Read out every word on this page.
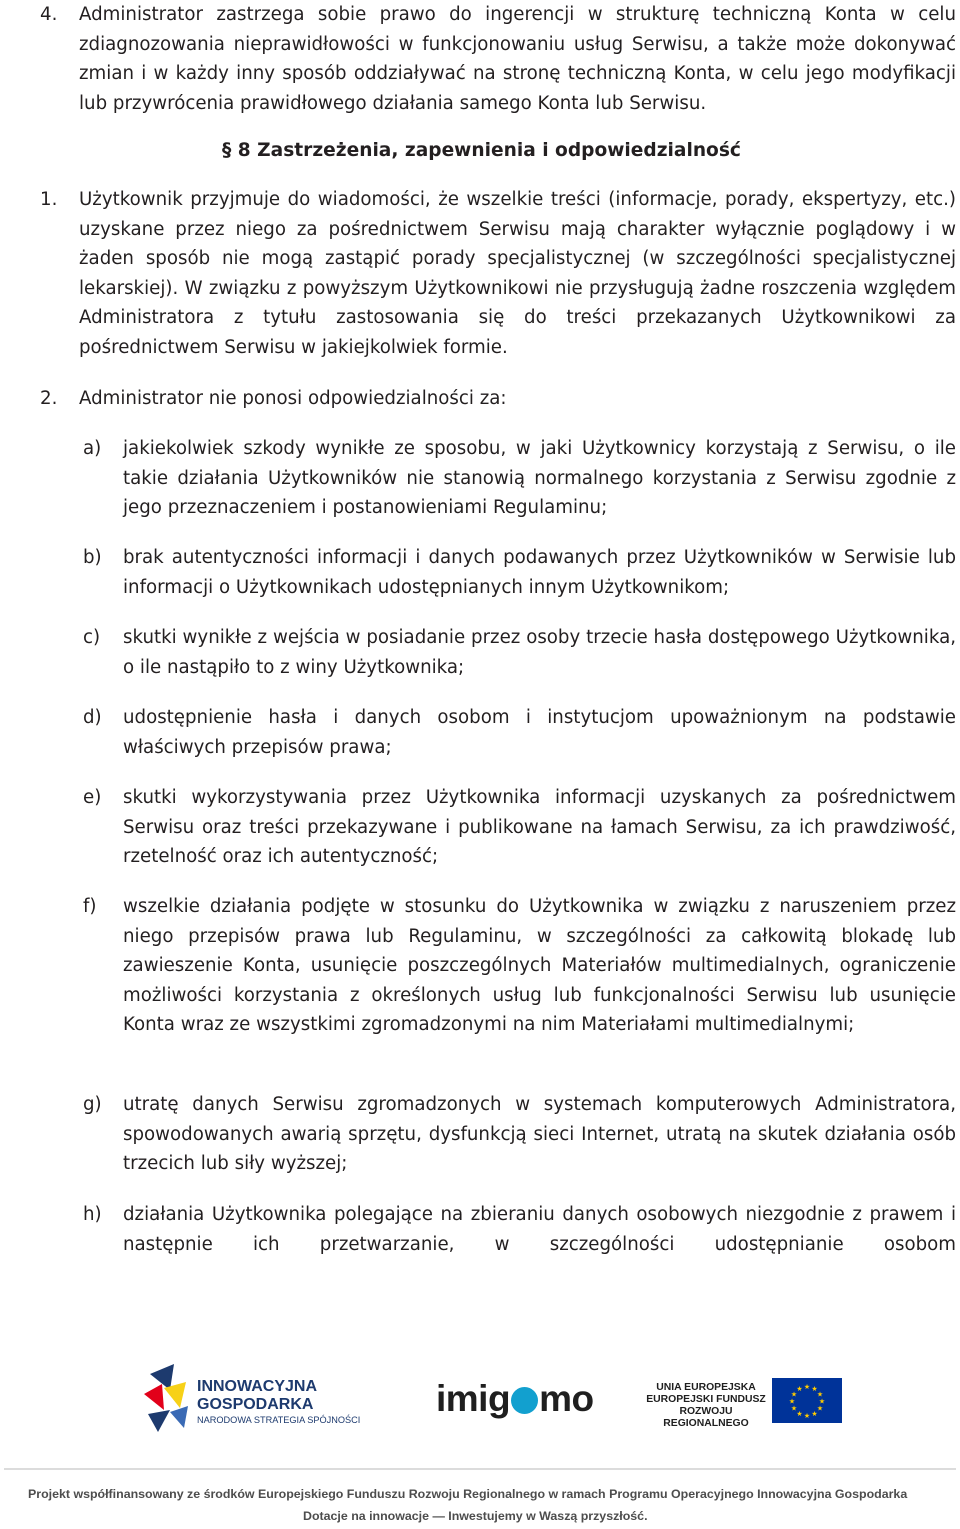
4. Administrator zastrzega sobie prawo do ingerencji w strukturę techniczną Konta w celu zdiagnozowania nieprawidłowości w funkcjonowaniu usług Serwisu, a także może dokonywać zmian i w każdy inny sposób oddziaływać na stronę techniczną Konta, w celu jego modyfikacji lub przywrócenia prawidłowego działania samego Konta lub Serwisu.

§ 8 Zastrzeżenia, zapewnienia i odpowiedzialność
1. Użytkownik przyjmuje do wiadomości, że wszelkie treści (informacje, porady, ekspertyzy, etc.) uzyskane przez niego za pośrednictwem Serwisu mają charakter wyłącznie poglądowy i w żaden sposób nie mogą zastąpić porady specjalistycznej (w szczególności specjalistycznej lekarskiej). W związku z powyższym Użytkownikowi nie przysługują żadne roszczenia względem Administratora z tytułu zastosowania się do treści przekazanych Użytkownikowi za pośrednictwem Serwisu w jakiejkolwiek formie.

2. Administrator nie ponosi odpowiedzialności za:
a) jakiekolwiek szkody wynikłe ze sposobu, w jaki Użytkownicy korzystają z Serwisu, o ile takie działania Użytkowników nie stanowią normalnego korzystania z Serwisu zgodnie z jego przeznaczeniem i postanowieniami Regulaminu;

b) brak autentyczności informacji i danych podawanych przez Użytkowników w Serwisie lub informacji o Użytkownikach udostępnianych innym Użytkownikom;

c) skutki wynikłe z wejścia w posiadanie przez osoby trzecie hasła dostępowego Użytkownika, o ile nastąpiło to z winy Użytkownika;

d) udostępnienie hasła i danych osobom i instytucjom upoważnionym na podstawie właściwych przepisów prawa;

e) skutki wykorzystywania przez Użytkownika informacji uzyskanych za pośrednictwem Serwisu oraz treści przekazywane i publikowane na łamach Serwisu, za ich prawdziwość, rzetelność oraz ich autentyczność;

f) wszelkie działania podjęte w stosunku do Użytkownika w związku z naruszeniem przez niego przepisów prawa lub Regulaminu, w szczególności za całkowitą blokadę lub zawieszenie Konta, usunięcie poszczególnych Materiałów multimedialnych, ograniczenie możliwości korzystania z określonych usług lub funkcjonalności Serwisu lub usunięcie Konta wraz ze wszystkimi zgromadzonymi na nim Materiałami multimedialnymi;

g) utratę danych Serwisu zgromadzonych w systemach komputerowych Administratora, spowodowanych awarią sprzętu, dysfunkcją sieci Internet, utratą na skutek działania osób trzecich lub siły wyższej;

h) działania Użytkownika polegające na zbieraniu danych osobowych niezgodnie z prawem i następnie ich przetwarzanie, w szczególności udostępnianie osobom

INNOWACYJNA
GOSPODARKA
NARODOWA STRATEGIA SPÓJNOŚCI
imig mo	UNIA EUROPEJSKA
EUROPEJSKI FUNDUSZ
ROZWOJU REGIONALNEGO
★ ★
★
★
★
★
★
★
★
★
★
★
Projekt współfinansowany ze środków Europejskiego Funduszu Rozwoju Regionalnego w ramach Programu Operacyjnego Innowacyjna Gospodarka
Dotacje na innowacje — Inwestujemy w Waszą przyszłość.
